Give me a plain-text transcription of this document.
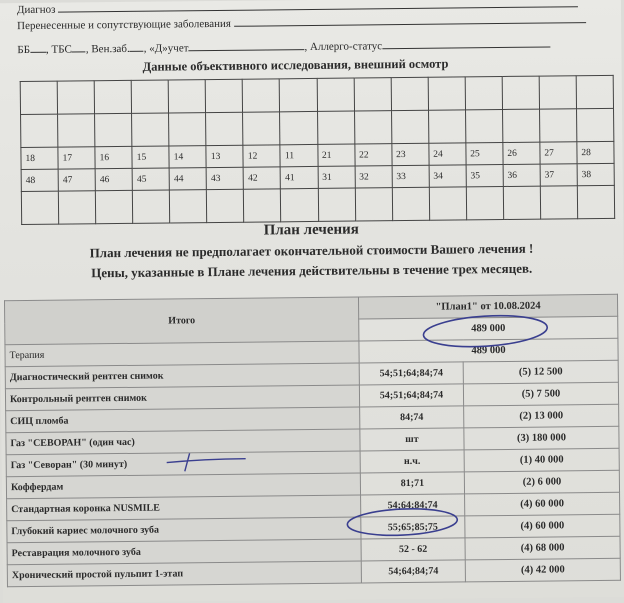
Диагноз
Перенесенные и сопутствующие заболевания
ББ , ТБС , Вен.заб. , «Д»учет	, Аллерго-статус
Данные объективного исследования, внешний осмотр

18	17	16	15	14	13	12	11	21	22	23	24	25	26	27	28
48	47	46	45	44	43	42	41	31	32	33	34	35	36	37	38

План лечения
План лечения не предполагает окончательной стоимости Вашего лечения !
Цены, указанные в Плане лечения действительны в течение трех месяцев.
Итого	"План1" от 10.08.2024	
	489 000	
Терапия	489 000	
Диагностический рентген снимок	54;51;64;84;74	(5) 12 500
Контрольный рентген снимок	54;51;64;84;74	(5) 7 500
СИЦ пломба	84;74	(2) 13 000
Газ "СЕВОРАН" (один час)	шт	(3) 180 000
Газ "Севоран" (30 минут)	н.ч.	(1) 40 000
Коффердам	81;71	(2) 6 000
Стандартная коронка NUSMILE	54;64;84;74	(4) 60 000
Глубокий кариес молочного зуба	55;65;85;75	(4) 60 000
Реставрация молочного зуба	52 - 62	(4) 68 000
Хронический простой пульпит 1-этап	54;64;84;74	(4) 42 000
